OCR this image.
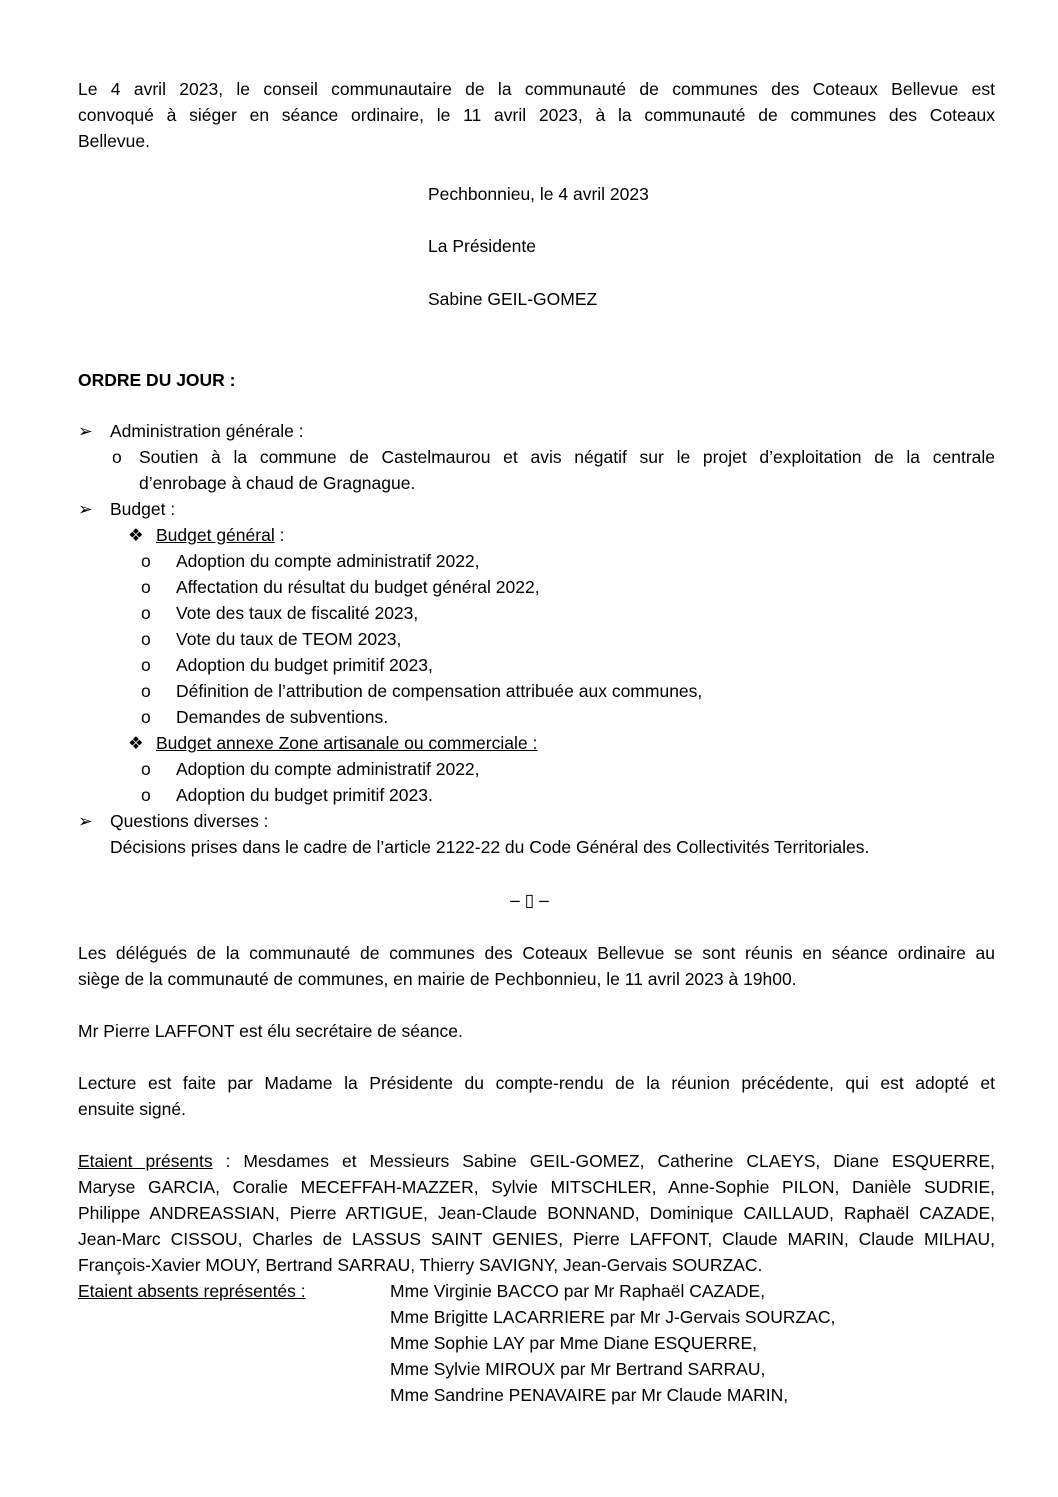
Le 4 avril 2023, le conseil communautaire de la communauté de communes des Coteaux Bellevue est
convoqué à siéger en séance ordinaire, le 11 avril 2023, à la communauté de communes des Coteaux
Bellevue.
Pechbonnieu, le 4 avril 2023
La Présidente
Sabine GEIL-GOMEZ
ORDRE DU JOUR :
➢ Administration générale :
o Soutien à la commune de Castelmaurou et avis négatif sur le projet d’exploitation de la centrale
d’enrobage à chaud de Gragnague.
➢ Budget :
❖ Budget général :
o Adoption du compte administratif 2022,
o Affectation du résultat du budget général 2022,
o Vote des taux de fiscalité 2023,
o Vote du taux de TEOM 2023,
o Adoption du budget primitif 2023,
o Définition de l’attribution de compensation attribuée aux communes,
o Demandes de subventions.
❖ Budget annexe Zone artisanale ou commerciale :
o Adoption du compte administratif 2022,
o Adoption du budget primitif 2023.
➢ Questions diverses :
Décisions prises dans le cadre de l’article 2122-22 du Code Général des Collectivités Territoriales.
– ▯ –
Les délégués de la communauté de communes des Coteaux Bellevue se sont réunis en séance ordinaire au
siège de la communauté de communes, en mairie de Pechbonnieu, le 11 avril 2023 à 19h00.
Mr Pierre LAFFONT est élu secrétaire de séance.
Lecture est faite par Madame la Présidente du compte-rendu de la réunion précédente, qui est adopté et
ensuite signé.
Etaient présents : Mesdames et Messieurs Sabine GEIL-GOMEZ, Catherine CLAEYS, Diane ESQUERRE,
Maryse GARCIA, Coralie MECEFFAH-MAZZER, Sylvie MITSCHLER, Anne-Sophie PILON, Danièle SUDRIE,
Philippe ANDREASSIAN, Pierre ARTIGUE, Jean-Claude BONNAND, Dominique CAILLAUD, Raphaël CAZADE,
Jean-Marc CISSOU, Charles de LASSUS SAINT GENIES, Pierre LAFFONT, Claude MARIN, Claude MILHAU,
François-Xavier MOUY, Bertrand SARRAU, Thierry SAVIGNY, Jean-Gervais SOURZAC.
Etaient absents représentés :	Mme Virginie BACCO par Mr Raphaël CAZADE,
Mme Brigitte LACARRIERE par Mr J-Gervais SOURZAC,
Mme Sophie LAY par Mme Diane ESQUERRE,
Mme Sylvie MIROUX par Mr Bertrand SARRAU,
Mme Sandrine PENAVAIRE par Mr Claude MARIN,
